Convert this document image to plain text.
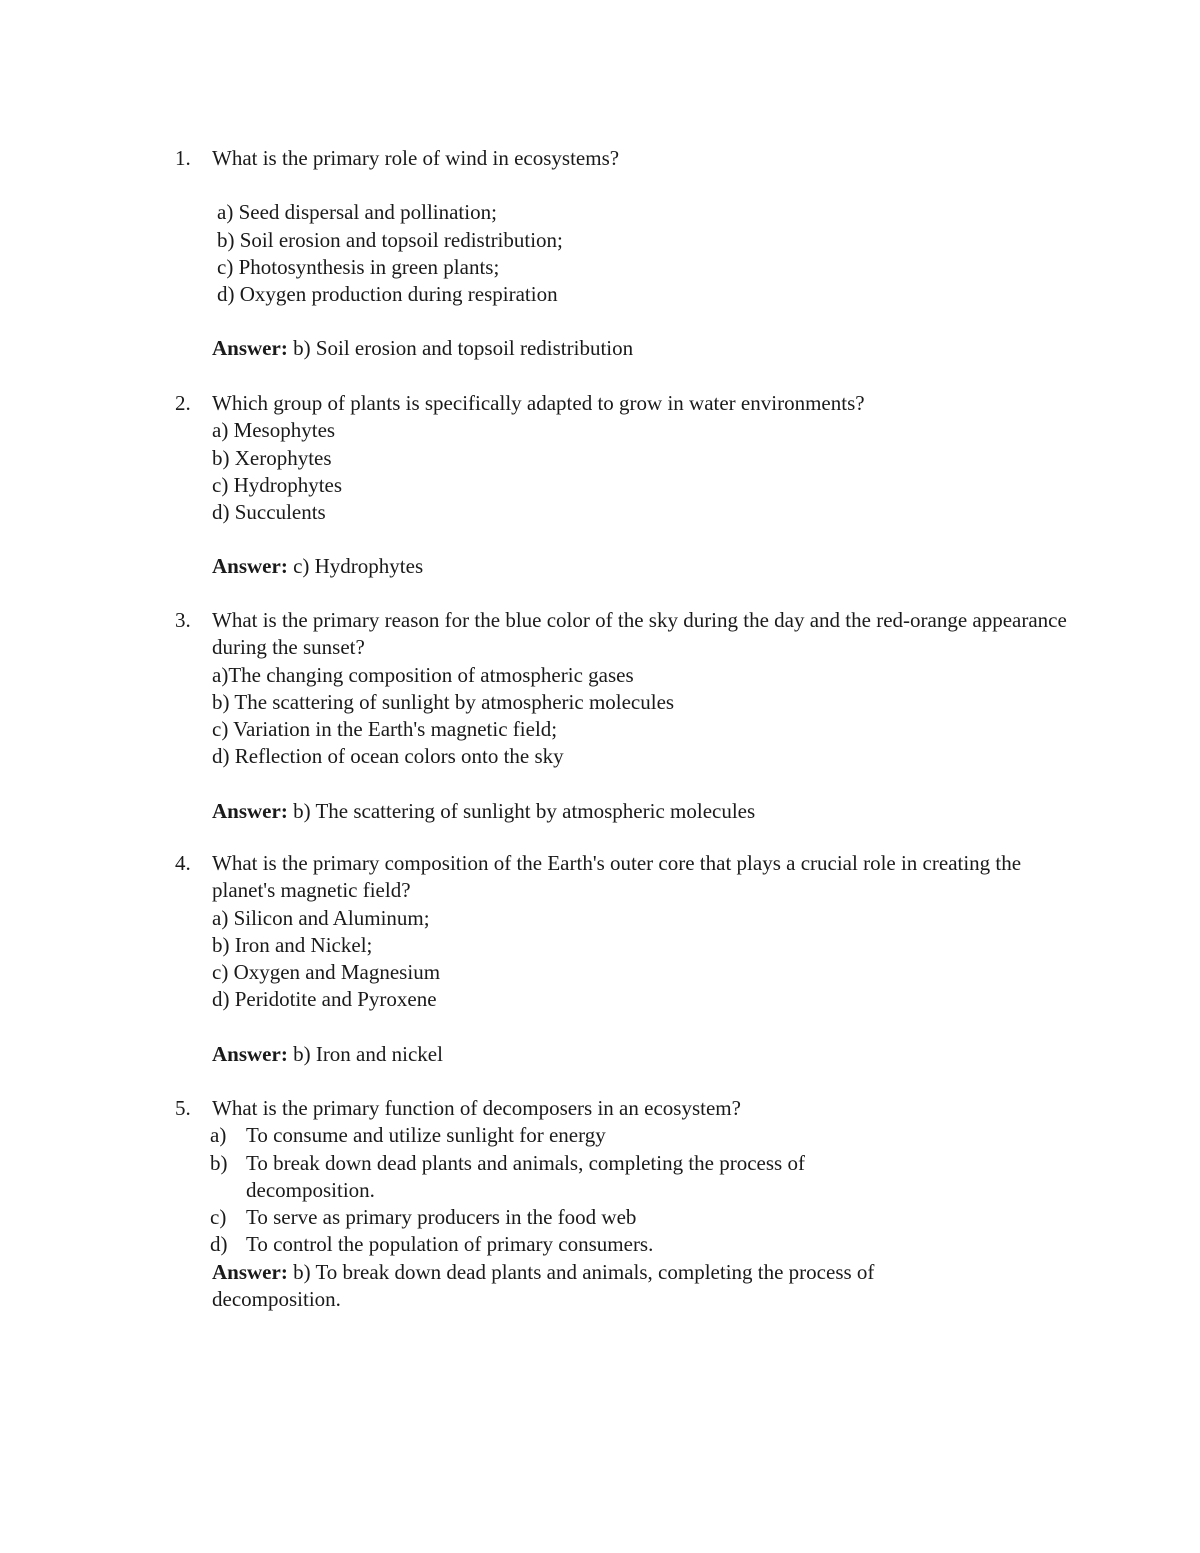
1.	What is the primary role of wind in ecosystems?
a) Seed dispersal and pollination;
b) Soil erosion and topsoil redistribution;
c) Photosynthesis in green plants;
d) Oxygen production during respiration
Answer: b) Soil erosion and topsoil redistribution
2.	Which group of plants is specifically adapted to grow in water environments?
a) Mesophytes
b) Xerophytes
c) Hydrophytes
d) Succulents
Answer: c) Hydrophytes
3.	What is the primary reason for the blue color of the sky during the day and the red-orange appearance during the sunset?
a)The changing composition of atmospheric gases
b) The scattering of sunlight by atmospheric molecules
c) Variation in the Earth's magnetic field;
d) Reflection of ocean colors onto the sky
Answer: b) The scattering of sunlight by atmospheric molecules
4.	What is the primary composition of the Earth's outer core that plays a crucial role in creating the planet's magnetic field?
a) Silicon and Aluminum;
b) Iron and Nickel;
c) Oxygen and Magnesium
d) Peridotite and Pyroxene
Answer: b) Iron and nickel
5.	What is the primary function of decomposers in an ecosystem?
a) To consume and utilize sunlight for energy
b) To break down dead plants and animals, completing the process of decomposition.
c) To serve as primary producers in the food web
d) To control the population of primary consumers.
Answer: b) To break down dead plants and animals, completing the process of decomposition.
